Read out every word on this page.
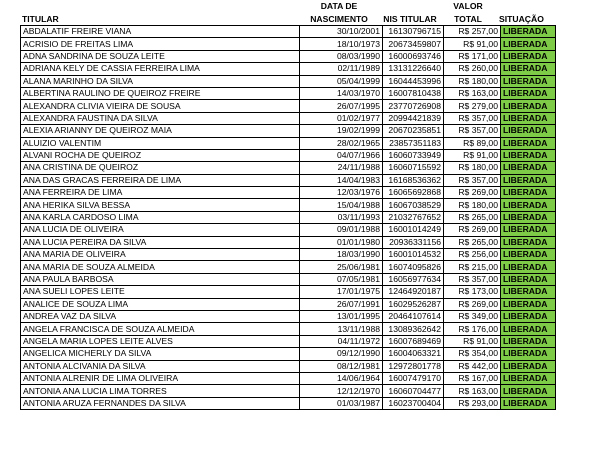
DATA DE	VALOR
TITULAR	NASCIMENTO	NIS TITULAR	TOTAL	SITUAÇÃO
ABDALATIF FREIRE VIANA	30/10/2001	16130796715	R$ 257,00	LIBERADA
ACRISIO DE FREITAS LIMA	18/10/1973	20673459807	R$ 91,00	LIBERADA
ADNA SANDRINA DE SOUZA LEITE	08/03/1990	16000693746	R$ 171,00	LIBERADA
ADRIANA KELY DE CASSIA FERREIRA LIMA	02/11/1989	13131226640	R$ 260,00	LIBERADA
ALANA MARINHO DA SILVA	05/04/1999	16044453996	R$ 180,00	LIBERADA
ALBERTINA RAULINO DE QUEIROZ FREIRE	14/03/1970	16007810438	R$ 163,00	LIBERADA
ALEXANDRA CLIVIA VIEIRA DE SOUSA	26/07/1995	23770726908	R$ 279,00	LIBERADA
ALEXANDRA FAUSTINA DA SILVA	01/02/1977	20994421839	R$ 357,00	LIBERADA
ALEXIA ARIANNY DE QUEIROZ MAIA	19/02/1999	20670235851	R$ 357,00	LIBERADA
ALUIZIO VALENTIM	28/02/1965	23857351183	R$ 89,00	LIBERADA
ALVANI ROCHA DE QUEIROZ	04/07/1966	16060733949	R$ 91,00	LIBERADA
ANA CRISTINA DE QUEIROZ	24/11/1988	16060715592	R$ 180,00	LIBERADA
ANA DAS GRACAS FERREIRA DE LIMA	14/04/1983	16168536362	R$ 357,00	LIBERADA
ANA FERREIRA DE LIMA	12/03/1976	16065692868	R$ 269,00	LIBERADA
ANA HERIKA SILVA BESSA	15/04/1988	16067038529	R$ 180,00	LIBERADA
ANA KARLA CARDOSO LIMA	03/11/1993	21032767652	R$ 265,00	LIBERADA
ANA LUCIA DE OLIVEIRA	09/01/1988	16001014249	R$ 269,00	LIBERADA
ANA LUCIA PEREIRA DA SILVA	01/01/1980	20936331156	R$ 265,00	LIBERADA
ANA MARIA DE OLIVEIRA	18/03/1990	16001014532	R$ 256,00	LIBERADA
ANA MARIA DE SOUZA ALMEIDA	25/06/1981	16074095826	R$ 215,00	LIBERADA
ANA PAULA BARBOSA	07/05/1981	16056977634	R$ 357,00	LIBERADA
ANA SUELI LOPES LEITE	17/01/1975	12464920187	R$ 173,00	LIBERADA
ANALICE DE SOUZA LIMA	26/07/1991	16029526287	R$ 269,00	LIBERADA
ANDREA VAZ DA SILVA	13/01/1995	20464107614	R$ 349,00	LIBERADA
ANGELA FRANCISCA DE SOUZA ALMEIDA	13/11/1988	13089362642	R$ 176,00	LIBERADA
ANGELA MARIA LOPES LEITE ALVES	04/11/1972	16007689469	R$ 91,00	LIBERADA
ANGELICA MICHERLY DA SILVA	09/12/1990	16004063321	R$ 354,00	LIBERADA
ANTONIA ALCIVANIA DA SILVA	08/12/1981	12972801778	R$ 442,00	LIBERADA
ANTONIA ALRENIR DE LIMA OLIVEIRA	14/06/1964	16007479170	R$ 167,00	LIBERADA
ANTONIA ANA LUCIA LIMA TORRES	12/12/1970	16060704477	R$ 163,00	LIBERADA
ANTONIA ARUZA FERNANDES DA SILVA	01/03/1987	16023700404	R$ 293,00	LIBERADA
